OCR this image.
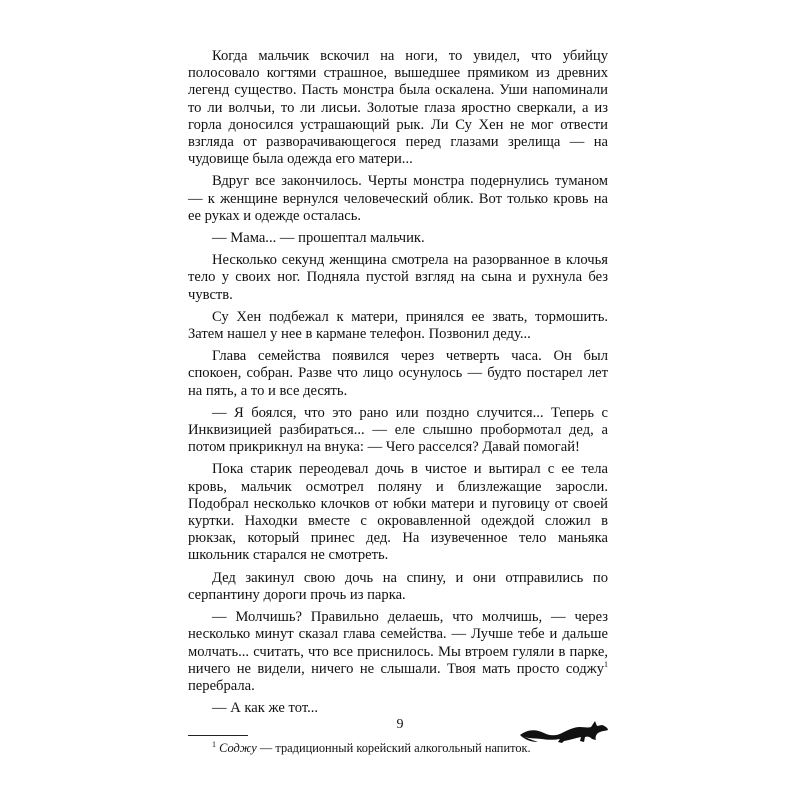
Когда мальчик вскочил на ноги, то увидел, что убийцу полосовало когтями страшное, вышедшее прямиком из древних легенд существо. Пасть монстра была оскалена. Уши напоминали то ли волчьи, то ли лисьи. Золотые глаза яростно сверкали, а из горла доносился устрашающий рык. Ли Су Хен не мог отвести взгляда от разворачивающегося перед глазами зрелища — на чудовище была одежда его матери...

Вдруг все закончилось. Черты монстра подернулись туманом — к женщине вернулся человеческий облик. Вот только кровь на ее руках и одежде осталась.

— Мама... — прошептал мальчик.

Несколько секунд женщина смотрела на разорванное в клочья тело у своих ног. Подняла пустой взгляд на сына и рухнула без чувств.

Су Хен подбежал к матери, принялся ее звать, тормошить. Затем нашел у нее в кармане телефон. Позвонил деду...

Глава семейства появился через четверть часа. Он был спокоен, собран. Разве что лицо осунулось — будто постарел лет на пять, а то и все десять.

— Я боялся, что это рано или поздно случится... Теперь с Инквизицией разбираться... — еле слышно пробормотал дед, а потом прикрикнул на внука: — Чего расселся? Давай помогай!

Пока старик переодевал дочь в чистое и вытирал с ее тела кровь, мальчик осмотрел поляну и близлежащие заросли. Подобрал несколько клочков от юбки матери и пуговицу от своей куртки. Находки вместе с окровавленной одеждой сложил в рюкзак, который принес дед. На изувеченное тело маньяка школьник старался не смотреть.

Дед закинул свою дочь на спину, и они отправились по серпантину дороги прочь из парка.

— Молчишь? Правильно делаешь, что молчишь, — через несколько минут сказал глава семейства. — Лучше тебе и дальше молчать... считать, что все приснилось. Мы втроем гуляли в парке, ничего не видели, ничего не слышали. Твоя мать просто соджу$^1$ перебрала.

— А как же тот...

$^1$ Соджу — традиционный корейский алкогольный напиток.
9
